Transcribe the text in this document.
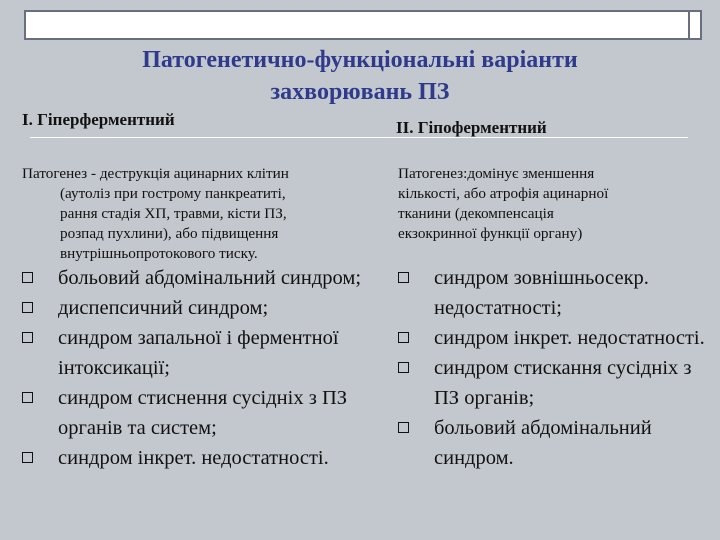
Патогенетично-функціональні варіанти
захворювань ПЗ
I. Гіперферментний	II. Гіпоферментний
Патогенез - деструкція ацинарних клітин
(аутоліз при гострому панкреатиті,
рання стадія ХП, травми, кісти ПЗ,
розпад пухлини), або підвищення
внутрішньопротокового тиску.
Патогенез:домінує зменшення
кількості, або атрофія ацинарної
тканини (декомпенсація
екзокринної функції органу)
больовий абдомінальний синдром;
диспепсичний синдром;
синдром запальної і ферментної інтоксикації;
синдром стиснення сусідніх з ПЗ органів та систем;
синдром інкрет. недостатності.
синдром зовнішньосекр. недостатності;
синдром інкрет. недостатності.
синдром стискання сусідніх з ПЗ органів;
больовий абдомінальний синдром.
